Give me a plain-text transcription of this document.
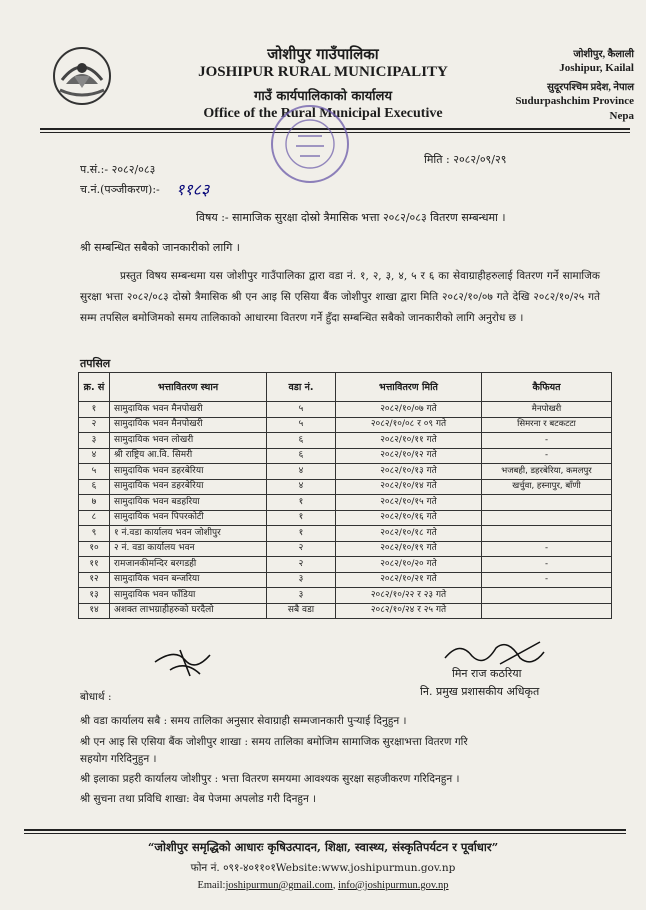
जोशीपुर गाउँपालिका
JOSHIPUR RURAL MUNICIPALITY
गाउँ कार्यपालिकाको कार्यालय
Office of the Rural Municipal Executive
जोशीपुर, कैलाली
Joshipur, Kailal
सुदूरपश्चिम प्रदेश, नेपाल
Sudurpashchim Province
Nepa
प.सं.:- २०८२/०८३
च.नं.(पञ्जीकरण):- ११८३
मिति : २०८२/०९/२९
विषय :- सामाजिक सुरक्षा दोस्रो त्रैमासिक भत्ता २०८२/०८३ वितरण सम्बन्धमा ।
श्री सम्बन्धित सबैको जानकारीको लागि ।
प्रस्तुत विषय सम्बन्धमा यस जोशीपुर गाउँपालिका द्वारा वडा नं. १, २, ३, ४, ५ र ६ का सेवाग्राहीहरुलाई वितरण गर्ने सामाजिक सुरक्षा भत्ता २०८२/०८३ दोस्रो त्रैमासिक श्री एन आइ सि एसिया बैंक जोशीपुर शाखा द्वारा मिति २०८२/१०/०७ गते देखि २०८२/१०/२५ गते सम्म तपसिल बमोजिमको समय तालिकाको आधारमा वितरण गर्ने हुँदा सम्बन्धित सबैको जानकारीको लागि अनुरोध छ ।
तपसिल
क्र. सं	भत्तावितरण स्थान	वडा नं.	भत्तावितरण मिति	कैफियत
१	सामुदायिक भवन मैनपोखरी	५	२०८२/१०/०७ गते	मैनपोखरी
२	सामुदायिक भवन मैनपोखरी	५	२०८२/१०/०८ र ०९ गते	सिमरना र बटकटटा
३	सामुदायिक भवन लोखरी	६	२०८२/१०/११ गते	-
४	श्री राष्ट्रिय आ.वि. सिमरी	६	२०८२/१०/१२ गते	-
५	सामुदायिक भवन डहरबेरिया	४	२०८२/१०/१३ गते	भजबही, डहरबेरिया, कमलपुर
६	सामुदायिक भवन डहरबेरिया	४	२०८२/१०/१४ गते	खर्चुवा, हस्नापुर, बाँणी
७	सामुदायिक भवन बडहरिया	१	२०८२/१०/१५ गते	
८	सामुदायिक भवन पिपरकोटी	१	२०८२/१०/१६ गते	
९	१ नं.वडा कार्यालय भवन जोशीपुर	१	२०८२/१०/१८ गते	
१०	२ नं. वडा कार्यालय भवन	२	२०८२/१०/१९ गते	-
११	रामजानकीमन्दिर बरगडही	२	२०८२/१०/२० गते	-
१२	सामुदायिक भवन बन्जरिया	३	२०८२/१०/२१ गते	-
१३	सामुदायिक भवन फाँडिया	३	२०८२/१०/२२ र २३ गते	
१४	अशक्त लाभग्राहीहरुको घरदैलो	सबै वडा	२०८२/१०/२४ र २५ गते	
मिन राज कठरिया
नि. प्रमुख प्रशासकीय अधिकृत
बोधार्थ :
श्री वडा कार्यालय सबै : समय तालिका अनुसार सेवाग्राही सम्मजानकारी पुऱ्याई दिनुहुन ।
श्री एन आइ सि एसिया बैंक जोशीपुर शाखा : समय तालिका बमोजिम सामाजिक सुरक्षाभत्ता वितरण गरि
सहयोग गरिदिनुहुन ।
श्री इलाका प्रहरी कार्यालय जोशीपुर : भत्ता वितरण समयमा आवश्यक सुरक्षा सहजीकरण गरिदिनहुन ।
श्री सुचना तथा प्रविधि शाखा: वेब पेजमा अपलोड गरी दिनहुन ।
“जोशीपुर समृद्धिको आधारः कृषिउत्पादन, शिक्षा, स्वास्थ्य, संस्कृतिपर्यटन र पूर्वाधार”
फोन नं. ०९१-४०११०१Website:www.joshipurmun.gov.np
Email:joshipurmun@gmail.com, info@joshipurmun.gov.np
